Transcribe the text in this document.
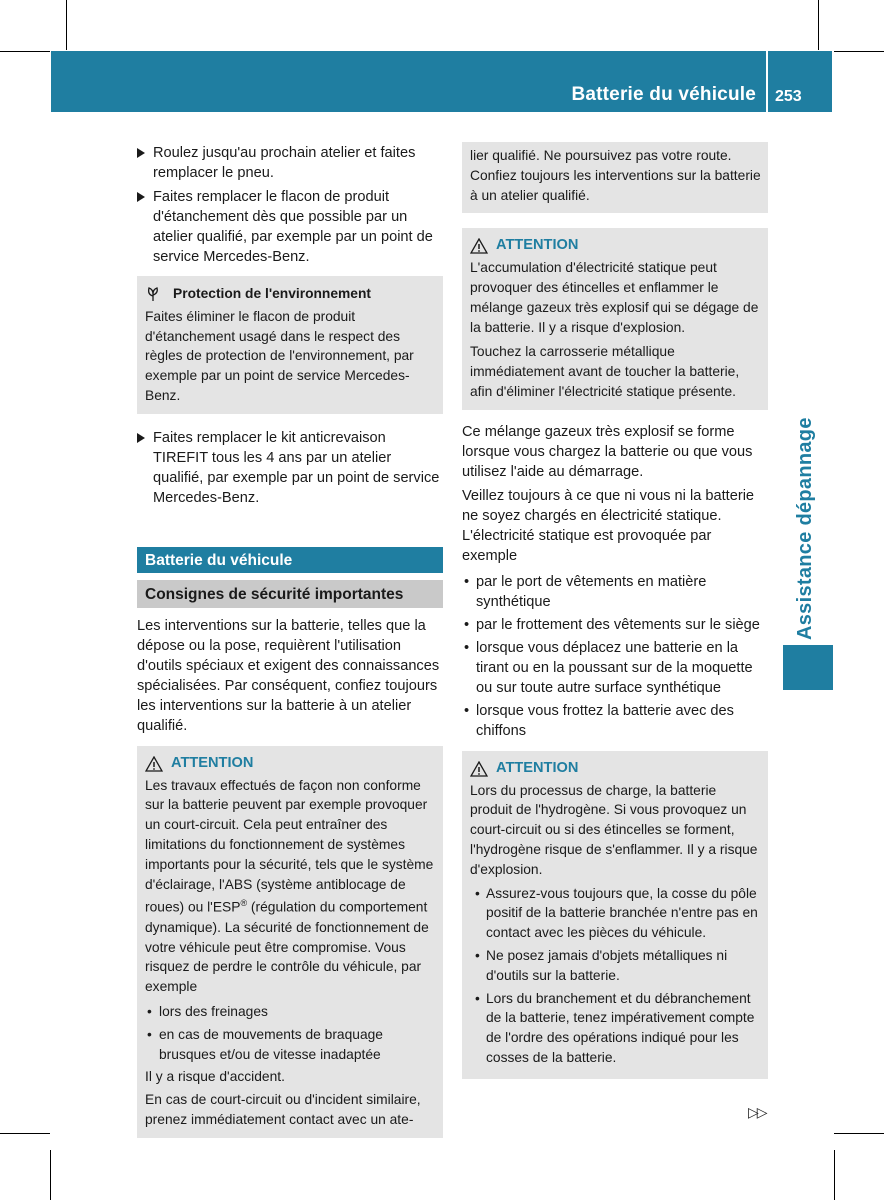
Batterie du véhicule 253
Assistance dépannage

Roulez jusqu'au prochain atelier et faites remplacer le pneu.

Faites remplacer le flacon de produit d'étanchement dès que possible par un atelier qualifié, par exemple par un point de service Mercedes-Benz.

Protection de l'environnement

Faites éliminer le flacon de produit d'étanchement usagé dans le respect des règles de protection de l'environnement, par exemple par un point de service Mercedes-Benz.

Faites remplacer le kit anticrevaison TIREFIT tous les 4 ans par un atelier qualifié, par exemple par un point de service Mercedes-Benz.

Batterie du véhicule
Consignes de sécurité importantes

Les interventions sur la batterie, telles que la dépose ou la pose, requièrent l'utilisation d'outils spéciaux et exigent des connaissances spécialisées. Par conséquent, confiez toujours les interventions sur la batterie à un atelier qualifié.

ATTENTION

Les travaux effectués de façon non conforme sur la batterie peuvent par exemple provoquer un court-circuit. Cela peut entraîner des limitations du fonctionnement de systèmes importants pour la sécurité, tels que le système d'éclairage, l'ABS (système antiblocage de roues) ou l'ESP® (régulation du comportement dynamique). La sécurité de fonctionnement de votre véhicule peut être compromise. Vous risquez de perdre le contrôle du véhicule, par exemple

• lors des freinages

• en cas de mouvements de braquage brusques et/ou de vitesse inadaptée

Il y a risque d'accident.

En cas de court-circuit ou d'incident similaire, prenez immédiatement contact avec un ate-

lier qualifié. Ne poursuivez pas votre route. Confiez toujours les interventions sur la batterie à un atelier qualifié.

ATTENTION

L'accumulation d'électricité statique peut provoquer des étincelles et enflammer le mélange gazeux très explosif qui se dégage de la batterie. Il y a risque d'explosion.

Touchez la carrosserie métallique immédiatement avant de toucher la batterie, afin d'éliminer l'électricité statique présente.

Ce mélange gazeux très explosif se forme lorsque vous chargez la batterie ou que vous utilisez l'aide au démarrage.

Veillez toujours à ce que ni vous ni la batterie ne soyez chargés en électricité statique. L'électricité statique est provoquée par exemple

• par le port de vêtements en matière synthétique

• par le frottement des vêtements sur le siège

• lorsque vous déplacez une batterie en la tirant ou en la poussant sur de la moquette ou sur toute autre surface synthétique

• lorsque vous frottez la batterie avec des chiffons

ATTENTION

Lors du processus de charge, la batterie produit de l'hydrogène. Si vous provoquez un court-circuit ou si des étincelles se forment, l'hydrogène risque de s'enflammer. Il y a risque d'explosion.

• Assurez-vous toujours que, la cosse du pôle positif de la batterie branchée n'entre pas en contact avec les pièces du véhicule.

• Ne posez jamais d'objets métalliques ni d'outils sur la batterie.

• Lors du branchement et du débranchement de la batterie, tenez impérativement compte de l'ordre des opérations indiqué pour les cosses de la batterie.

▷▷
